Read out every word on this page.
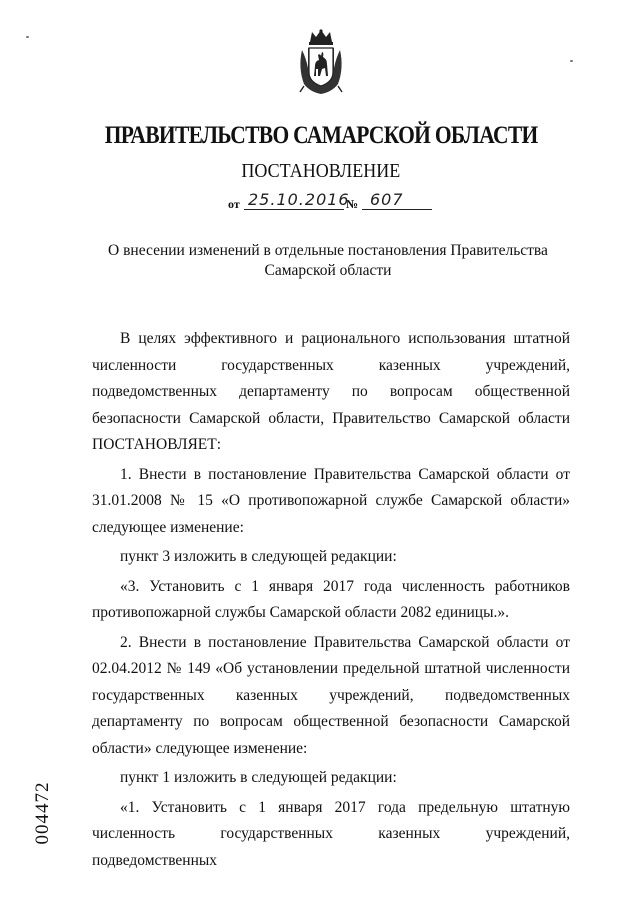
ПРАВИТЕЛЬСТВО САМАРСКОЙ ОБЛАСТИ
ПОСТАНОВЛЕНИЕ
от 25.10.2016
№ 607
О внесении изменений в отдельные постановления Правительства Самарской области

В целях эффективного и рационального использования штатной численности государственных казенных учреждений, подведомственных департаменту по вопросам общественной безопасности Самарской области, Правительство Самарской области ПОСТАНОВЛЯЕТ:

1. Внести в постановление Правительства Самарской области от 31.01.2008 № 15 «О противопожарной службе Самарской области» следующее изменение:

пункт 3 изложить в следующей редакции:

«3. Установить с 1 января 2017 года численность работников противопожарной службы Самарской области 2082 единицы.».

2. Внести в постановление Правительства Самарской области от 02.04.2012 № 149 «Об установлении предельной штатной численности государственных казенных учреждений, подведомственных департаменту по вопросам общественной безопасности Самарской области» следующее изменение:

пункт 1 изложить в следующей редакции:

«1. Установить с 1 января 2017 года предельную штатную численность государственных казенных учреждений, подведомственных

004472
